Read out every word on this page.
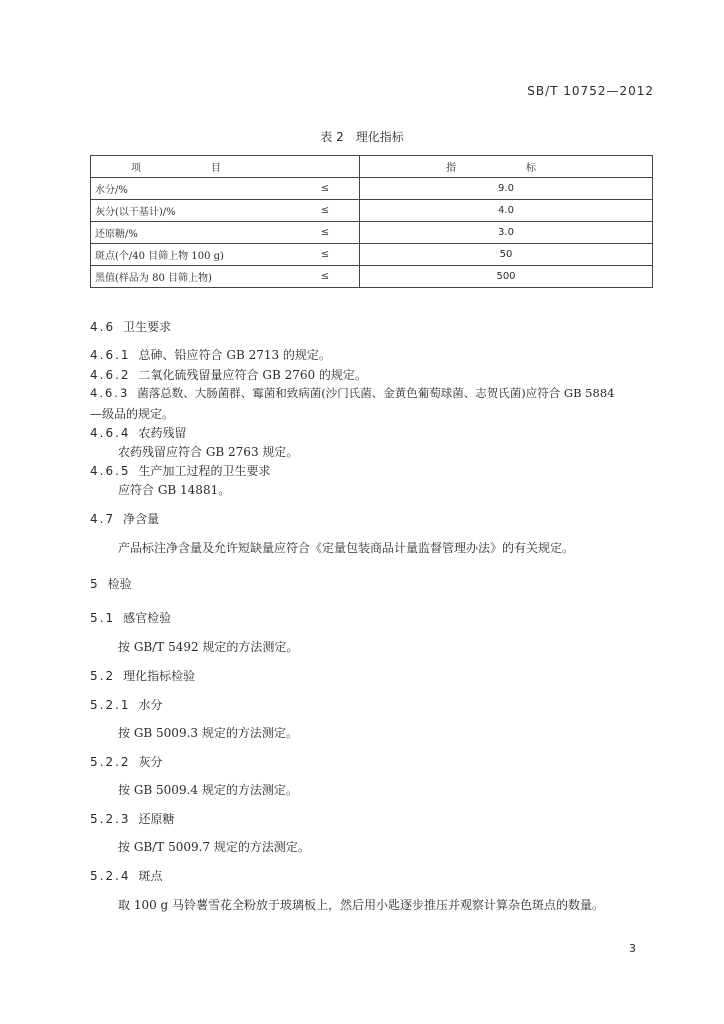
SB/T 10752—2012
表 2　理化指标
项　目		指　标
水分/%	≤	9.0
灰分(以干基计)/%	≤	4.0
还原糖/%	≤	3.0
斑点(个/40 目筛上物 100 g)	≤	50
黑值(样品为 80 目筛上物)	≤	500
4.6 卫生要求
4.6.1 总砷、铅应符合 GB 2713 的规定。
4.6.2 二氧化硫残留量应符合 GB 2760 的规定。
4.6.3 菌落总数、大肠菌群、霉菌和致病菌(沙门氏菌、金黄色葡萄球菌、志贺氏菌)应符合 GB 5884
—级品的规定。
4.6.4 农药残留
农药残留应符合 GB 2763 规定。
4.6.5 生产加工过程的卫生要求
应符合 GB 14881。
4.7 净含量
产品标注净含量及允许短缺量应符合《定量包装商品计量监督管理办法》的有关规定。
5 检验
5.1 感官检验
按 GB/T 5492 规定的方法测定。
5.2 理化指标检验
5.2.1 水分
按 GB 5009.3 规定的方法测定。
5.2.2 灰分
按 GB 5009.4 规定的方法测定。
5.2.3 还原糖
按 GB/T 5009.7 规定的方法测定。
5.2.4 斑点
取 100 g 马铃薯雪花全粉放于玻璃板上，然后用小匙逐步推压并观察计算杂色斑点的数量。
3
